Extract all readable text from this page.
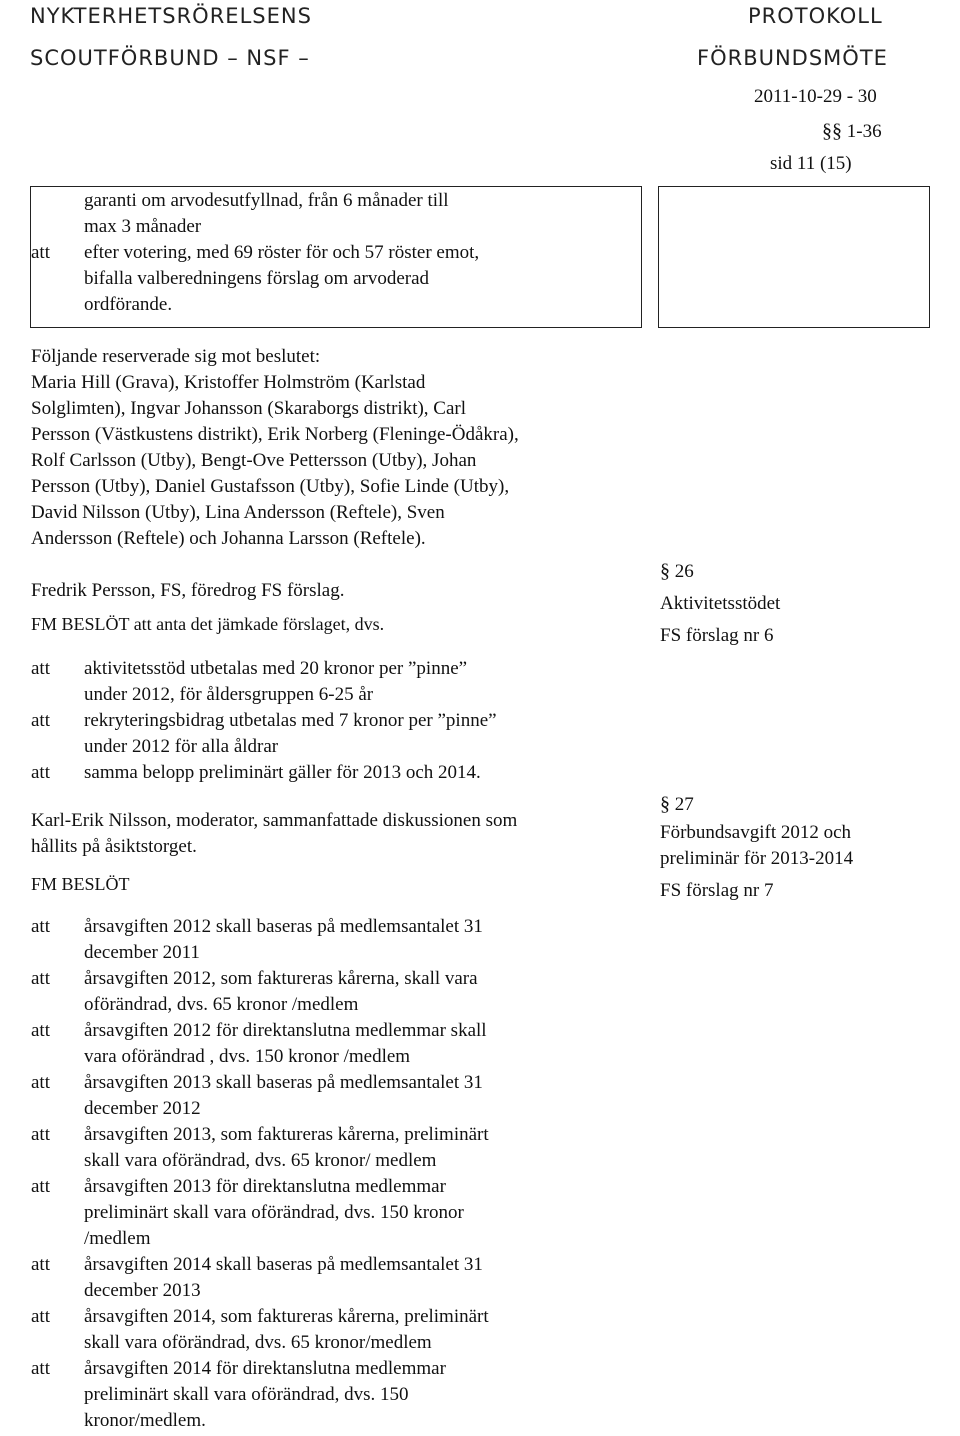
NYKTERHETSRÖRELSENS
SCOUTFÖRBUND – NSF –
PROTOKOLL
FÖRBUNDSMÖTE
2011-10-29 - 30
§§ 1-36
sid 11 (15)
att
garanti om arvodesutfyllnad, från 6 månader till
max 3 månader
efter votering, med 69 röster för och 57 röster emot,
bifalla valberedningens förslag om arvoderad
ordförande.
Följande reserverade sig mot beslutet:
Maria Hill (Grava), Kristoffer Holmström (Karlstad
Solglimten), Ingvar Johansson (Skaraborgs distrikt), Carl
Persson (Västkustens distrikt), Erik Norberg (Fleninge-Ödåkra),
Rolf Carlsson (Utby), Bengt-Ove Pettersson (Utby), Johan
Persson (Utby), Daniel Gustafsson (Utby), Sofie Linde (Utby),
David Nilsson (Utby), Lina Andersson (Reftele), Sven
Andersson (Reftele) och Johanna Larsson (Reftele).
§ 26
Aktivitetsstödet
FS förslag nr 6
Fredrik Persson, FS, föredrog FS förslag.
FM BESLÖT att anta det jämkade förslaget, dvs.
att aktivitetsstöd utbetalas med 20 kronor per ”pinne”
under 2012, för åldersgruppen 6-25 år
att rekryteringsbidrag utbetalas med 7 kronor per ”pinne”
under 2012 för alla åldrar
att samma belopp preliminärt gäller för 2013 och 2014.
§ 27
Förbundsavgift 2012 och
preliminär för 2013-2014
FS förslag nr 7
Karl-Erik Nilsson, moderator, sammanfattade diskussionen som
hållits på åsiktstorget.
FM BESLÖT
att årsavgiften 2012 skall baseras på medlemsantalet 31
december 2011
att årsavgiften 2012, som faktureras kårerna, skall vara
oförändrad, dvs. 65 kronor /medlem
att årsavgiften 2012 för direktanslutna medlemmar skall
vara oförändrad , dvs. 150 kronor /medlem
att årsavgiften 2013 skall baseras på medlemsantalet 31
december 2012
att årsavgiften 2013, som faktureras kårerna, preliminärt
skall vara oförändrad, dvs. 65 kronor/ medlem
att årsavgiften 2013 för direktanslutna medlemmar
preliminärt skall vara oförändrad, dvs. 150 kronor
/medlem
att årsavgiften 2014 skall baseras på medlemsantalet 31
december 2013
att årsavgiften 2014, som faktureras kårerna, preliminärt
skall vara oförändrad, dvs. 65 kronor/medlem
att årsavgiften 2014 för direktanslutna medlemmar
preliminärt skall vara oförändrad, dvs. 150
kronor/medlem.
